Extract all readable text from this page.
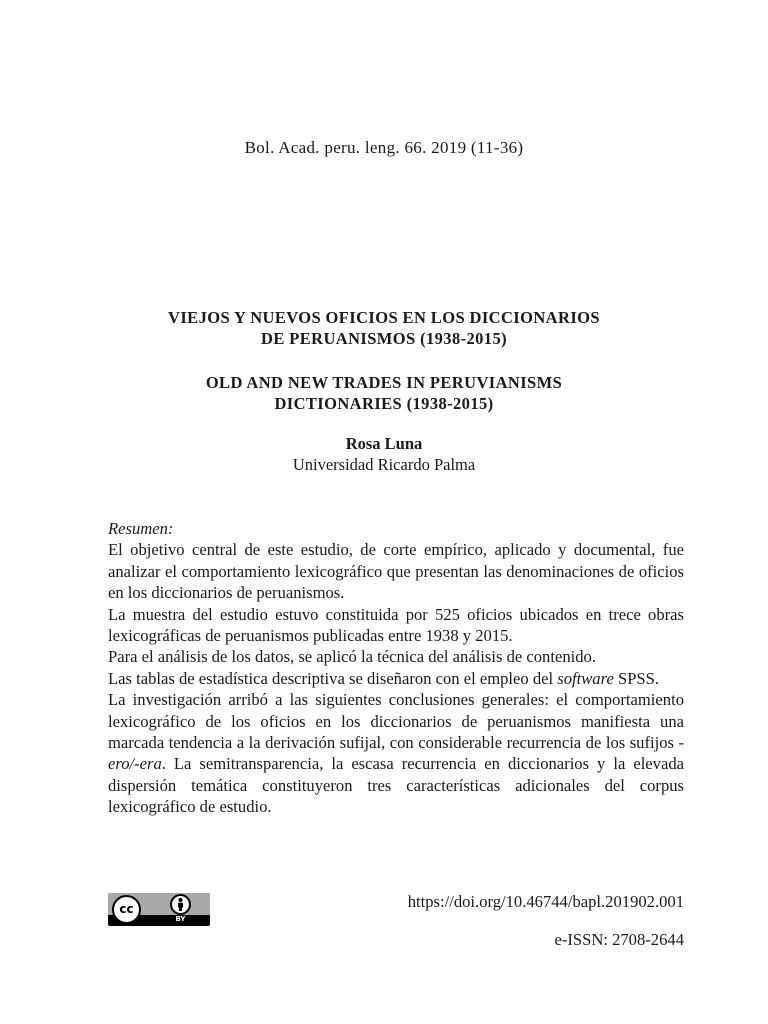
Bol. Acad. peru. leng. 66. 2019 (11-36)
VIEJOS Y NUEVOS OFICIOS EN LOS DICCIONARIOS
DE PERUANISMOS (1938-2015)
OLD AND NEW TRADES IN PERUVIANISMS
DICTIONARIES (1938-2015)
Rosa Luna
Universidad Ricardo Palma
Resumen:

El objetivo central de este estudio, de corte empírico, aplicado y documental, fue analizar el comportamiento lexicográfico que presentan las denominaciones de oficios en los diccionarios de peruanismos.

La muestra del estudio estuvo constituida por 525 oficios ubicados en trece obras lexicográficas de peruanismos publicadas entre 1938 y 2015.

Para el análisis de los datos, se aplicó la técnica del análisis de contenido.

Las tablas de estadística descriptiva se diseñaron con el empleo del software SPSS.

La investigación arribó a las siguientes conclusiones generales: el comportamiento lexicográfico de los oficios en los diccionarios de peruanismos manifiesta una marcada tendencia a la derivación sufijal, con considerable recurrencia de los sufijos -ero/-era. La semitransparencia, la escasa recurrencia en diccionarios y la elevada dispersión temática constituyeron tres características adicionales del corpus lexicográfico de estudio.

cc
BY
https://doi.org/10.46744/bapl.201902.001
e-ISSN: 2708-2644
